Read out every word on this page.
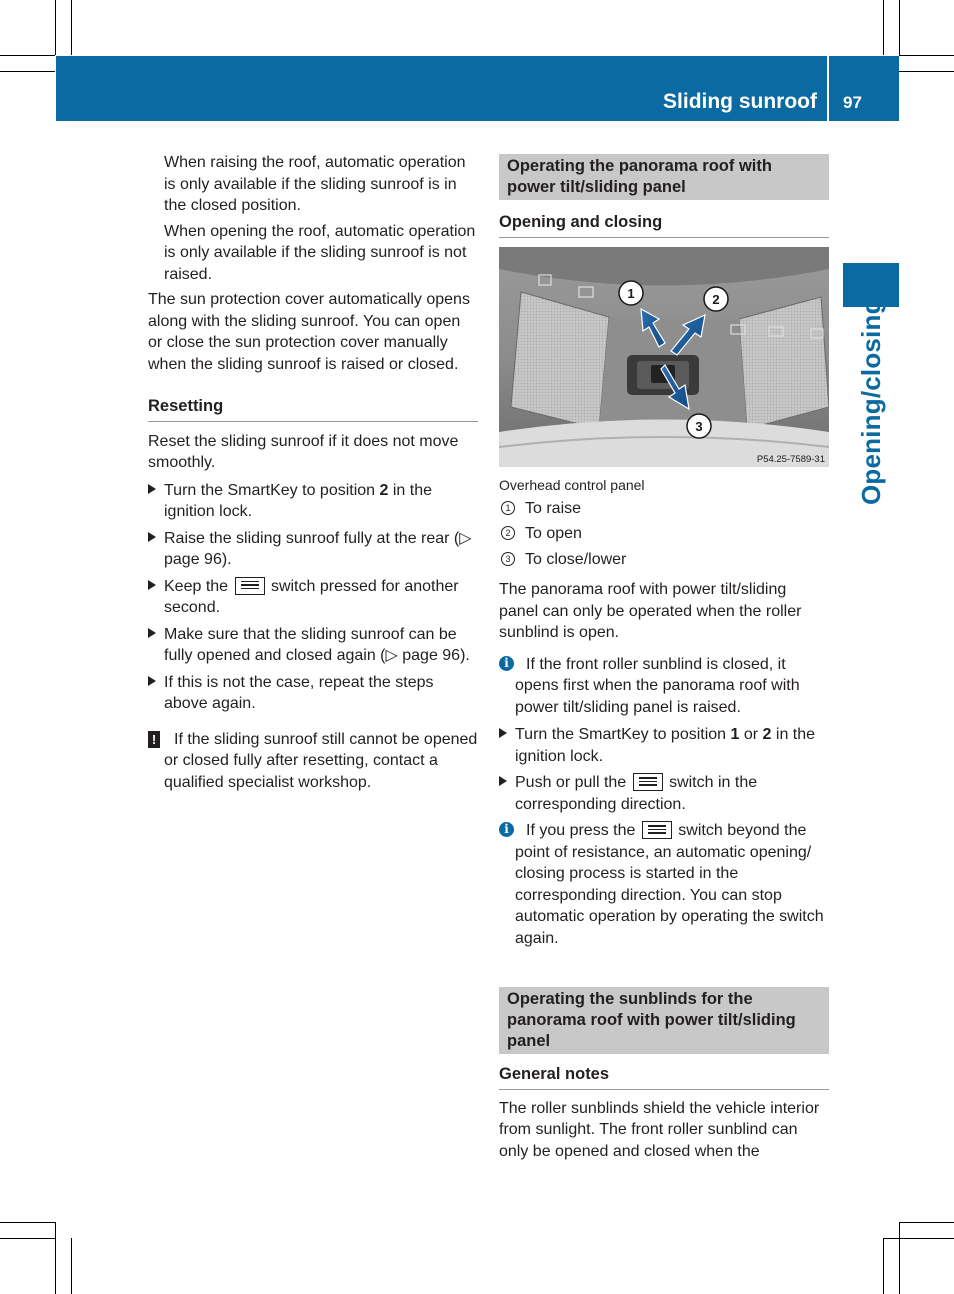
Sliding sunroof 97
Opening/closing

When raising the roof, automatic operation is only available if the sliding sunroof is in the closed position.

When opening the roof, automatic operation is only available if the sliding sunroof is not raised.

The sun protection cover automatically opens along with the sliding sunroof. You can open or close the sun protection cover manually when the sliding sunroof is raised or closed.

Resetting

Reset the sliding sunroof if it does not move smoothly.

Turn the SmartKey to position 2 in the ignition lock.
Raise the sliding sunroof fully at the rear (▷ page 96).
Keep the
switch pressed for another second.
Make sure that the sliding sunroof can be fully opened and closed again (▷ page 96).
If this is not the case, repeat the steps above again.
! If the sliding sunroof still cannot be opened or closed fully after resetting, contact a qualified specialist workshop.
Operating the panorama roof with power tilt/sliding panel
Opening and closing
1	2
3
P54.25-7589-31
Overhead control panel
1 To raise
2 To open
3 To close/lower

The panorama roof with power tilt/sliding panel can only be operated when the roller sunblind is open.

i	If the front roller sunblind is closed, it opens first when the panorama roof with power tilt/sliding panel is raised.
Turn the SmartKey to position 1 or 2 in the ignition lock.
Push or pull the
switch in the corresponding direction.
i	If you press the
switch beyond the point of resistance, an automatic opening/ closing process is started in the corresponding direction. You can stop automatic operation by operating the switch again.
Operating the sunblinds for the panorama roof with power tilt/sliding panel
General notes

The roller sunblinds shield the vehicle interior from sunlight. The front roller sunblind can only be opened and closed when the
